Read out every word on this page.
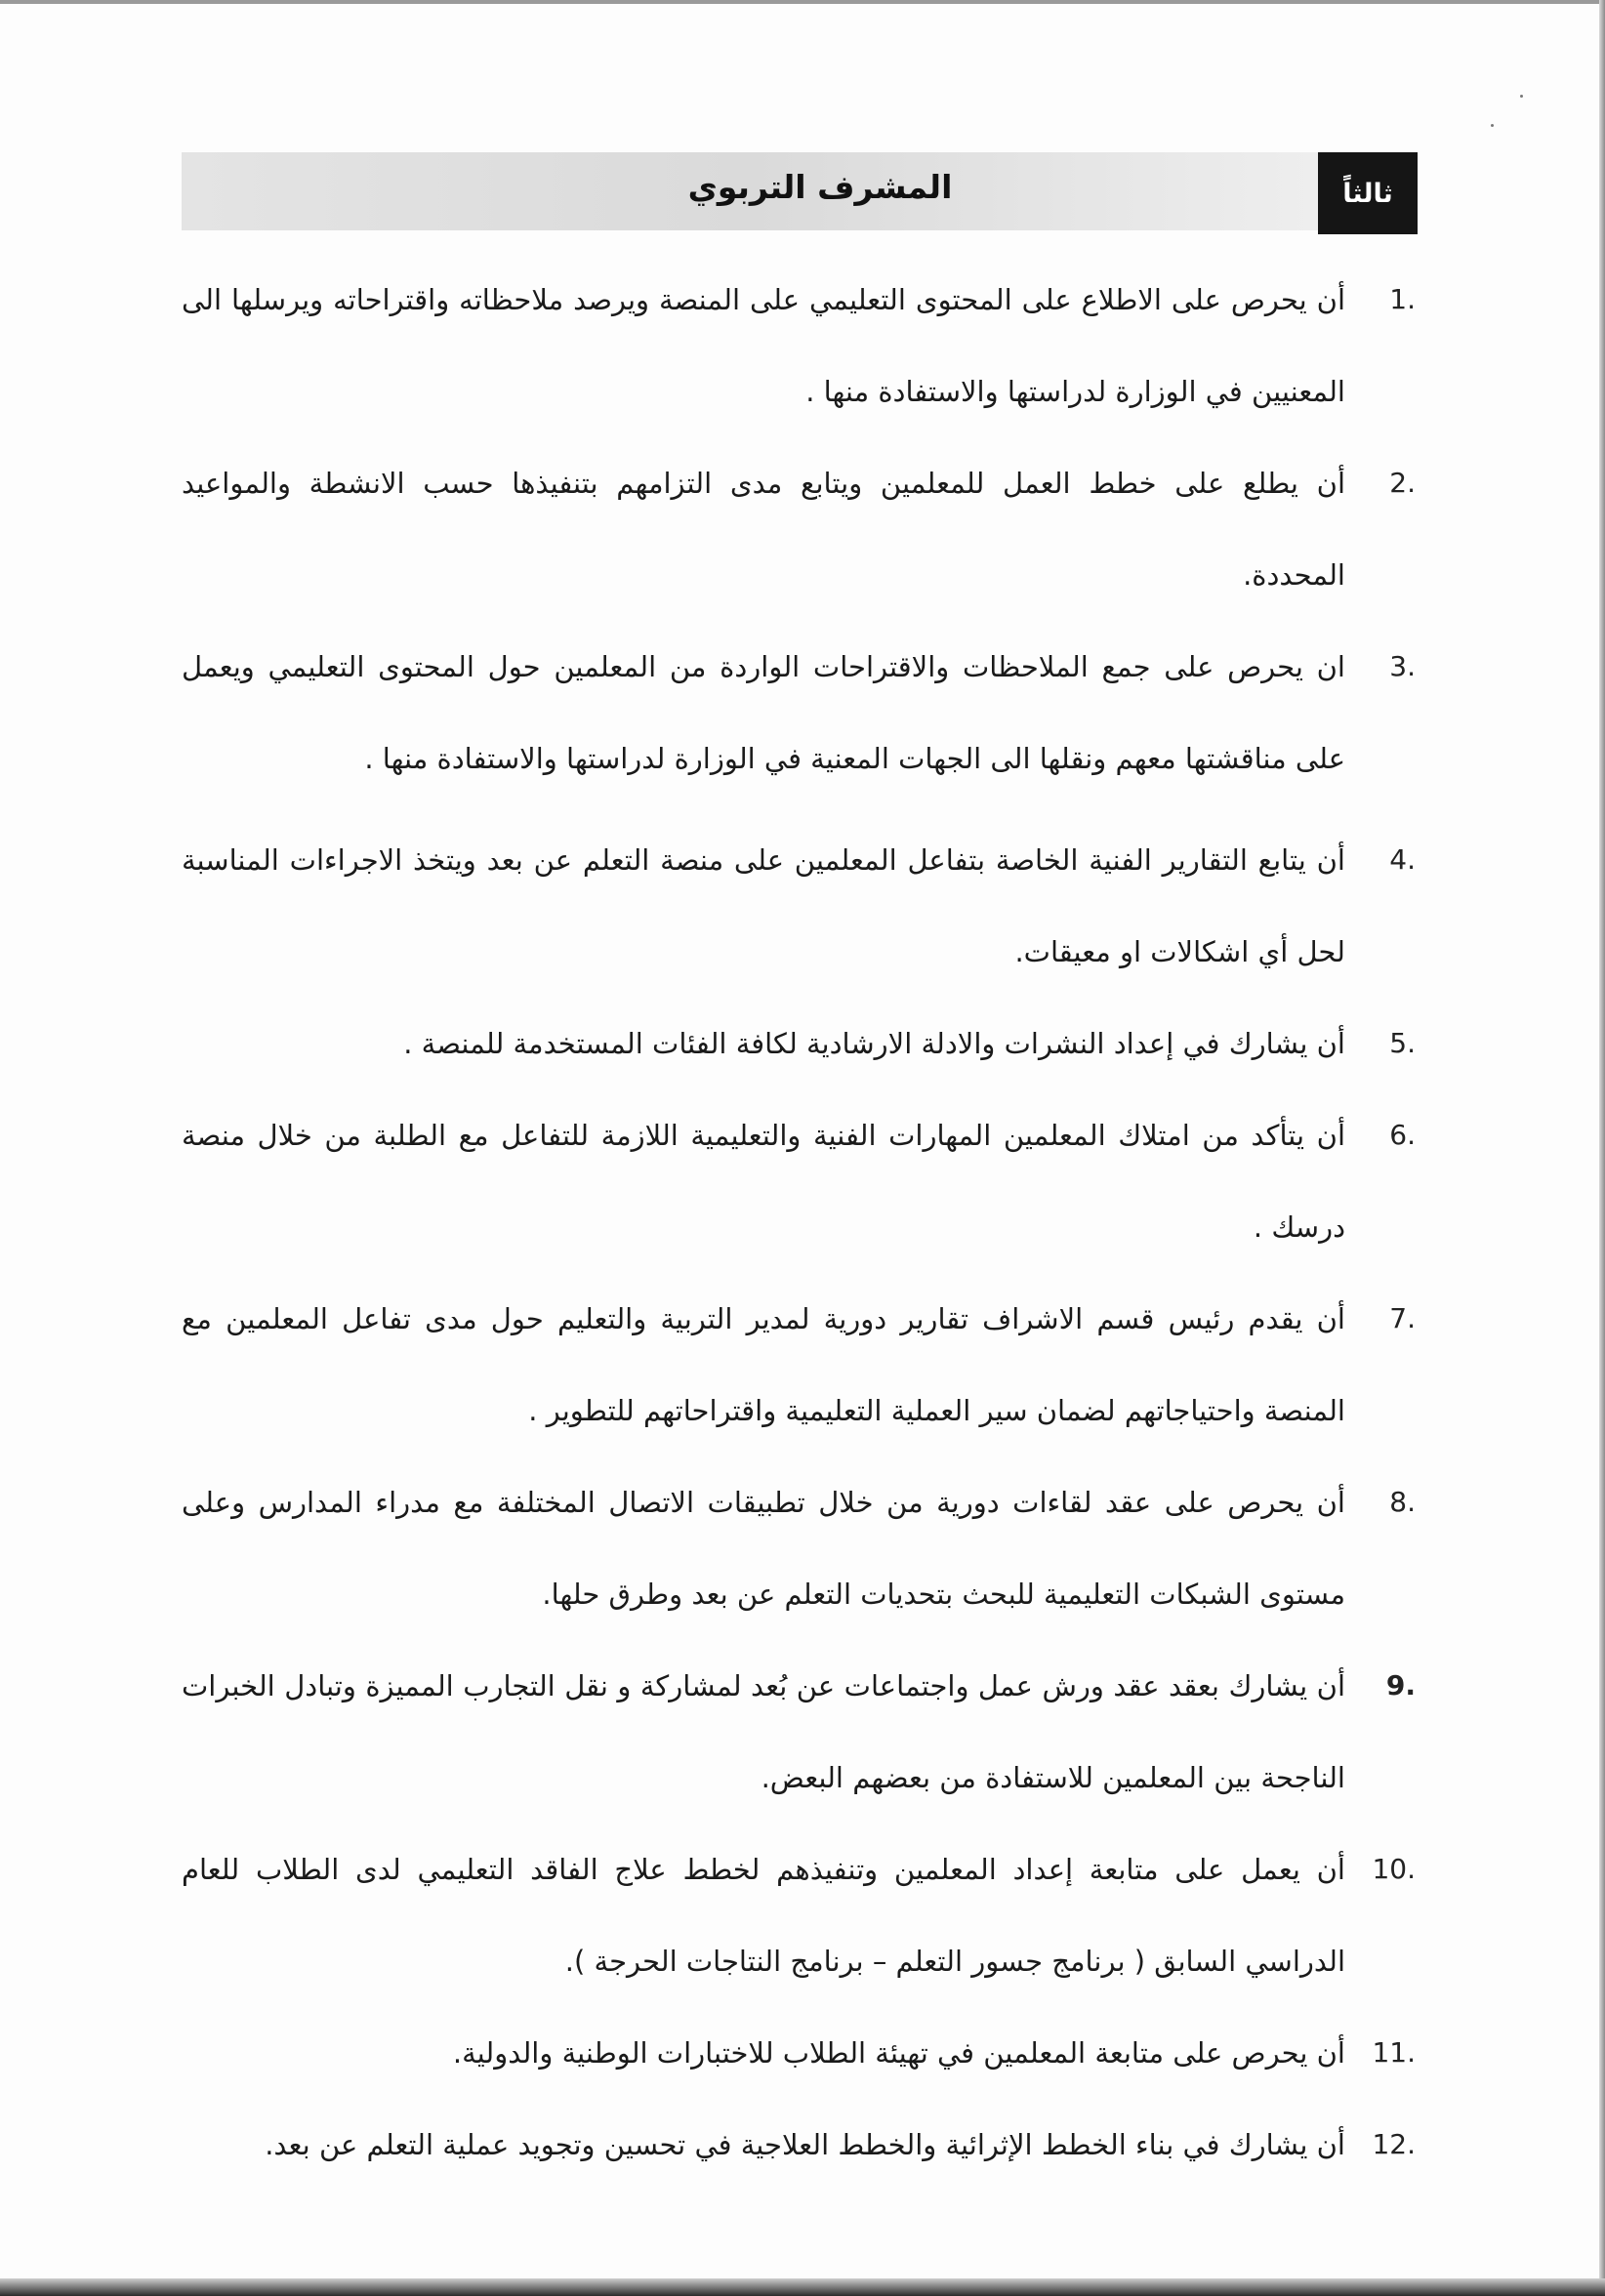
المشرف التربوي	ثالثاً
1.
أن يحرص على الاطلاع على المحتوى التعليمي على المنصة ويرصد ملاحظاته واقتراحاته ويرسلها الى المعنيين في الوزارة لدراستها والاستفادة منها .
2.
أن يطلع على خطط العمل للمعلمين ويتابع مدى التزامهم بتنفيذها حسب الانشطة والمواعيد المحددة.
3.
ان يحرص على جمع الملاحظات والاقتراحات الواردة من المعلمين حول المحتوى التعليمي ويعمل على مناقشتها معهم ونقلها الى الجهات المعنية في الوزارة لدراستها والاستفادة منها .
4.
أن يتابع التقارير الفنية الخاصة بتفاعل المعلمين على منصة التعلم عن بعد ويتخذ الاجراءات المناسبة لحل أي اشكالات او معيقات.
5.
أن يشارك في إعداد النشرات والادلة الارشادية لكافة الفئات المستخدمة للمنصة .
6.
أن يتأكد من امتلاك المعلمين المهارات الفنية والتعليمية اللازمة للتفاعل مع الطلبة من خلال منصة درسك .
7.
أن يقدم رئيس قسم الاشراف تقارير دورية لمدير التربية والتعليم حول مدى تفاعل المعلمين مع المنصة واحتياجاتهم لضمان سير العملية التعليمية واقتراحاتهم للتطوير .
8.
أن يحرص على عقد لقاءات دورية من خلال تطبيقات الاتصال المختلفة مع مدراء المدارس وعلى مستوى الشبكات التعليمية للبحث بتحديات التعلم عن بعد وطرق حلها.
9.
أن يشارك بعقد عقد ورش عمل واجتماعات عن بُعد لمشاركة و نقل التجارب المميزة وتبادل الخبرات الناجحة بين المعلمين للاستفادة من بعضهم البعض.
10.
أن يعمل على متابعة إعداد المعلمين وتنفيذهم لخطط علاج الفاقد التعليمي لدى الطلاب للعام الدراسي السابق ( برنامج جسور التعلم – برنامج النتاجات الحرجة ).
11.
أن يحرص على متابعة المعلمين في تهيئة الطلاب للاختبارات الوطنية والدولية.
12.
أن يشارك في بناء الخطط الإثرائية والخطط العلاجية في تحسين وتجويد عملية التعلم عن بعد.
